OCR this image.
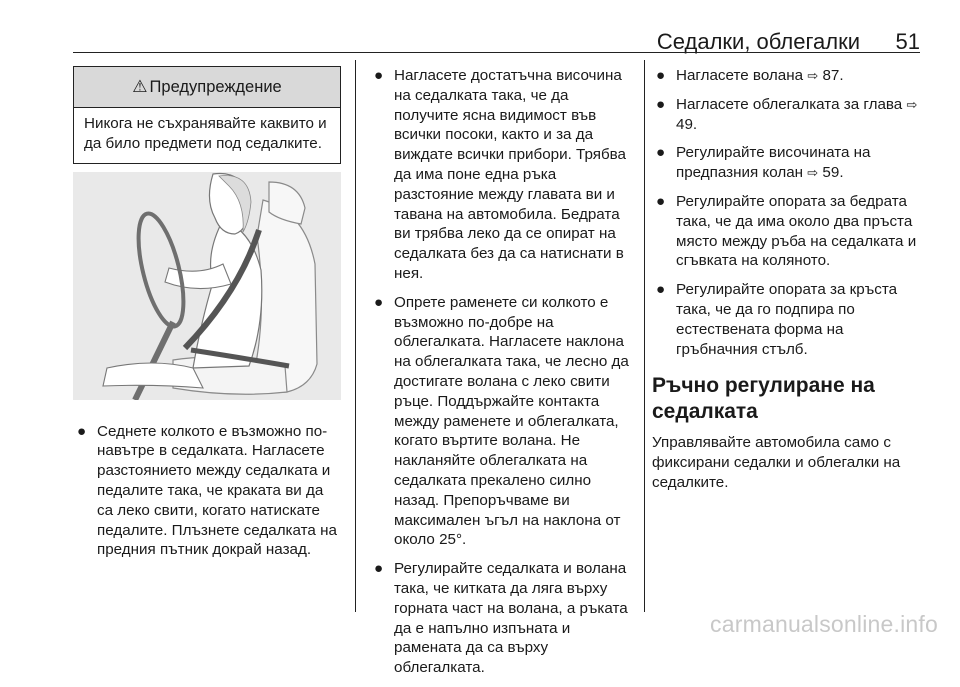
Седалки, облегалки 51
⚠ Предупреждение
Никога не съхранявайте каквито и да било предмети под седалките.
● Седнете колкото е възможно по-навътре в седалката. Нагласете разстоянието между седалката и педалите така, че краката ви да са леко свити, когато натискате педалите. Плъзнете седалката на предния пътник докрай назад.
● Нагласете достатъчна височина на седалката така, че да получите ясна видимост във всички посоки, както и за да виждате всички прибори. Трябва да има поне една ръка разстояние между главата ви и тавана на автомобила. Бедрата ви трябва леко да се опират на седалката без да са натиснати в нея.
● Опрете раменете си колкото е възможно по-добре на облегалката. Нагласете наклона на облегалката така, че лесно да достигате волана с леко свити ръце. Поддържайте контакта между раменете и облегалката, когато въртите волана. Не накланяйте облегалката на седалката прекалено силно назад. Препоръчваме ви максимален ъгъл на наклона от около 25°.
● Регулирайте седалката и волана така, че китката да ляга върху горната част на волана, а ръката да е напълно изпъната и рамената да са върху облегалката.
● Нагласете волана ⇨ 87.
● Нагласете облегалката за глава ⇨ 49.
● Регулирайте височината на предпазния колан ⇨ 59.
● Регулирайте опората за бедрата така, че да има около два пръста място между ръба на седалката и сгъвката на коляното.
● Регулирайте опората за кръста така, че да го подпира по естествената форма на гръбначния стълб.
Ръчно регулиране на седалката
Управлявайте автомобила само с фиксирани седалки и облегалки на седалките.
carmanualsonline.info
